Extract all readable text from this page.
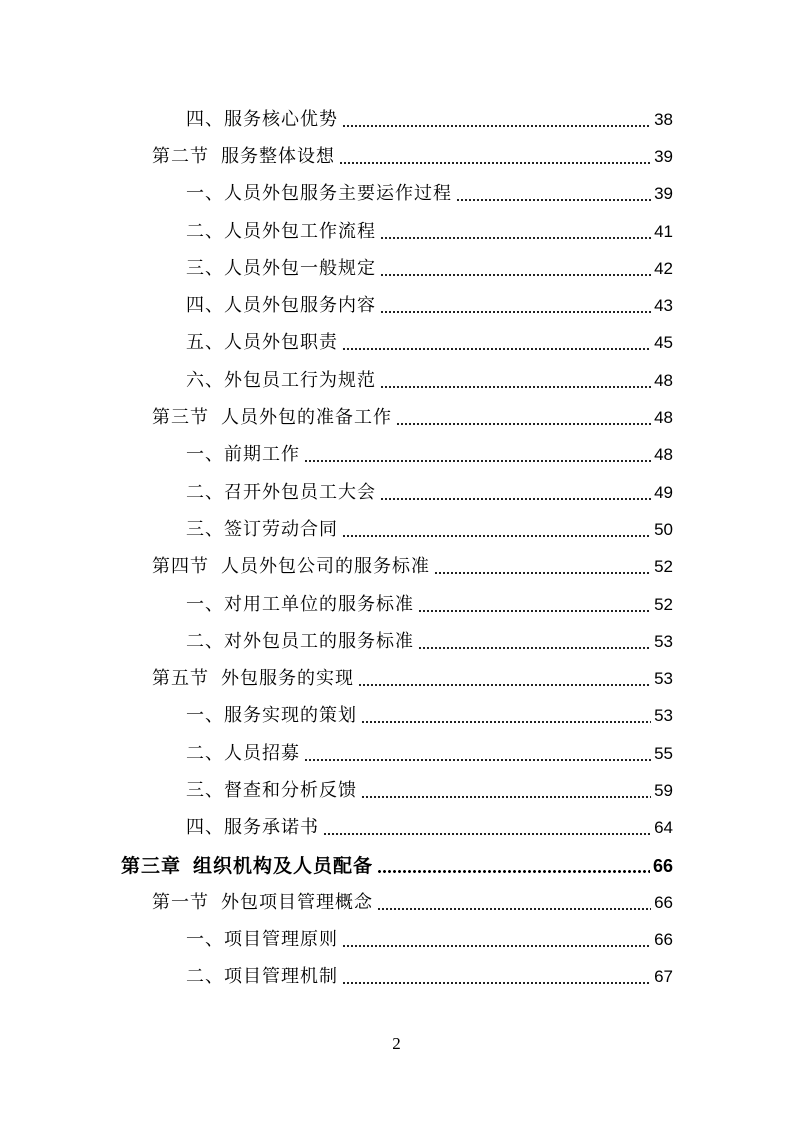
四、服务核心优势	38
第二节 服务整体设想	39
一、人员外包服务主要运作过程	39
二、人员外包工作流程	41
三、人员外包一般规定	42
四、人员外包服务内容	43
五、人员外包职责	45
六、外包员工行为规范	48
第三节 人员外包的准备工作	48
一、前期工作	48
二、召开外包员工大会	49
三、签订劳动合同	50
第四节 人员外包公司的服务标准	52
一、对用工单位的服务标准	52
二、对外包员工的服务标准	53
第五节 外包服务的实现	53
一、服务实现的策划	53
二、人员招募	55
三、督查和分析反馈	59
四、服务承诺书	64
第三章 组织机构及人员配备	66
第一节 外包项目管理概念	66
一、项目管理原则	66
二、项目管理机制	67
2
